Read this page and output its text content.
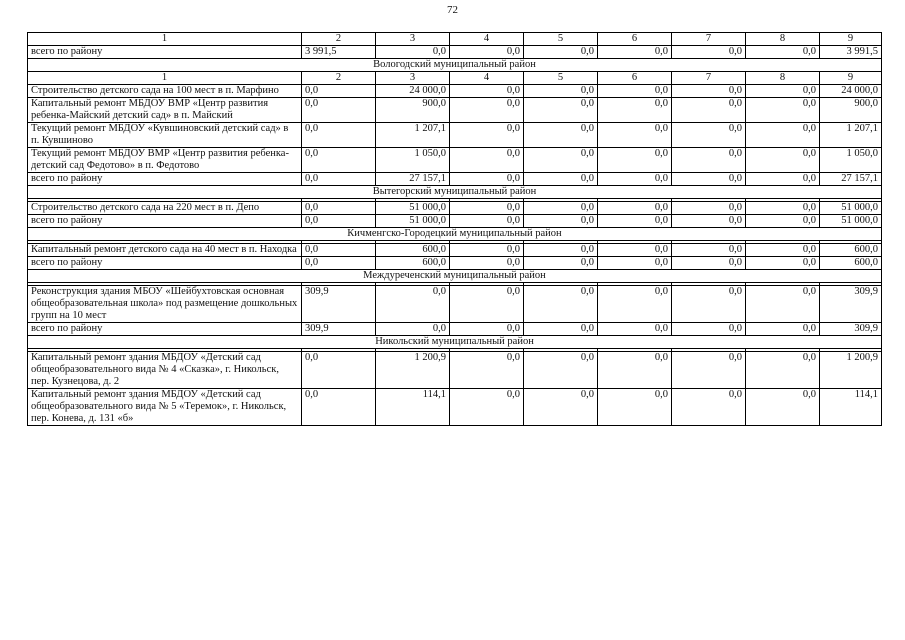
72
1	2	3	4	5	6	7	8	9
всего по району	3 991,5	0,0	0,0	0,0	0,0	0,0	0,0	3 991,5
Вологодский муниципальный район								
1	2	3	4	5	6	7	8	9
Строительство детского сада на 100 мест в п. Марфино	0,0	24 000,0	0,0	0,0	0,0	0,0	0,0	24 000,0
Капитальный ремонт МБДОУ ВМР «Центр развития ребенка-Майский детский сад» в п. Майский	0,0	900,0	0,0	0,0	0,0	0,0	0,0	900,0
Текущий ремонт МБДОУ «Кувшиновский детский сад» в п. Кувшиново	0,0	1 207,1	0,0	0,0	0,0	0,0	0,0	1 207,1
Текущий ремонт МБДОУ ВМР «Центр развития ребенка-детский сад Федотово» в п. Федотово	0,0	1 050,0	0,0	0,0	0,0	0,0	0,0	1 050,0
всего по району	0,0	27 157,1	0,0	0,0	0,0	0,0	0,0	27 157,1
Вытегорский муниципальный район								

Строительство детского сада на 220 мест в п. Депо	0,0	51 000,0	0,0	0,0	0,0	0,0	0,0	51 000,0
всего по району	0,0	51 000,0	0,0	0,0	0,0	0,0	0,0	51 000,0
Кичменгско-Городецкий муниципальный район								

Капитальный ремонт детского сада на 40 мест в п. Находка	0,0	600,0	0,0	0,0	0,0	0,0	0,0	600,0
всего по району	0,0	600,0	0,0	0,0	0,0	0,0	0,0	600,0
Междуреченский муниципальный район								

Реконструкция здания МБОУ «Шейбухтовская основная общеобразовательная школа» под размещение дошкольных групп на 10 мест	309,9	0,0	0,0	0,0	0,0	0,0	0,0	309,9
всего по району	309,9	0,0	0,0	0,0	0,0	0,0	0,0	309,9
Никольский муниципальный район								

Капитальный ремонт здания МБДОУ «Детский сад общеобразовательного вида № 4 «Сказка», г. Никольск, пер. Кузнецова, д. 2	0,0	1 200,9	0,0	0,0	0,0	0,0	0,0	1 200,9
Капитальный ремонт здания МБДОУ «Детский сад общеобразовательного вида № 5 «Теремок», г. Никольск, пер. Конева, д. 131 «б»	0,0	114,1	0,0	0,0	0,0	0,0	0,0	114,1
